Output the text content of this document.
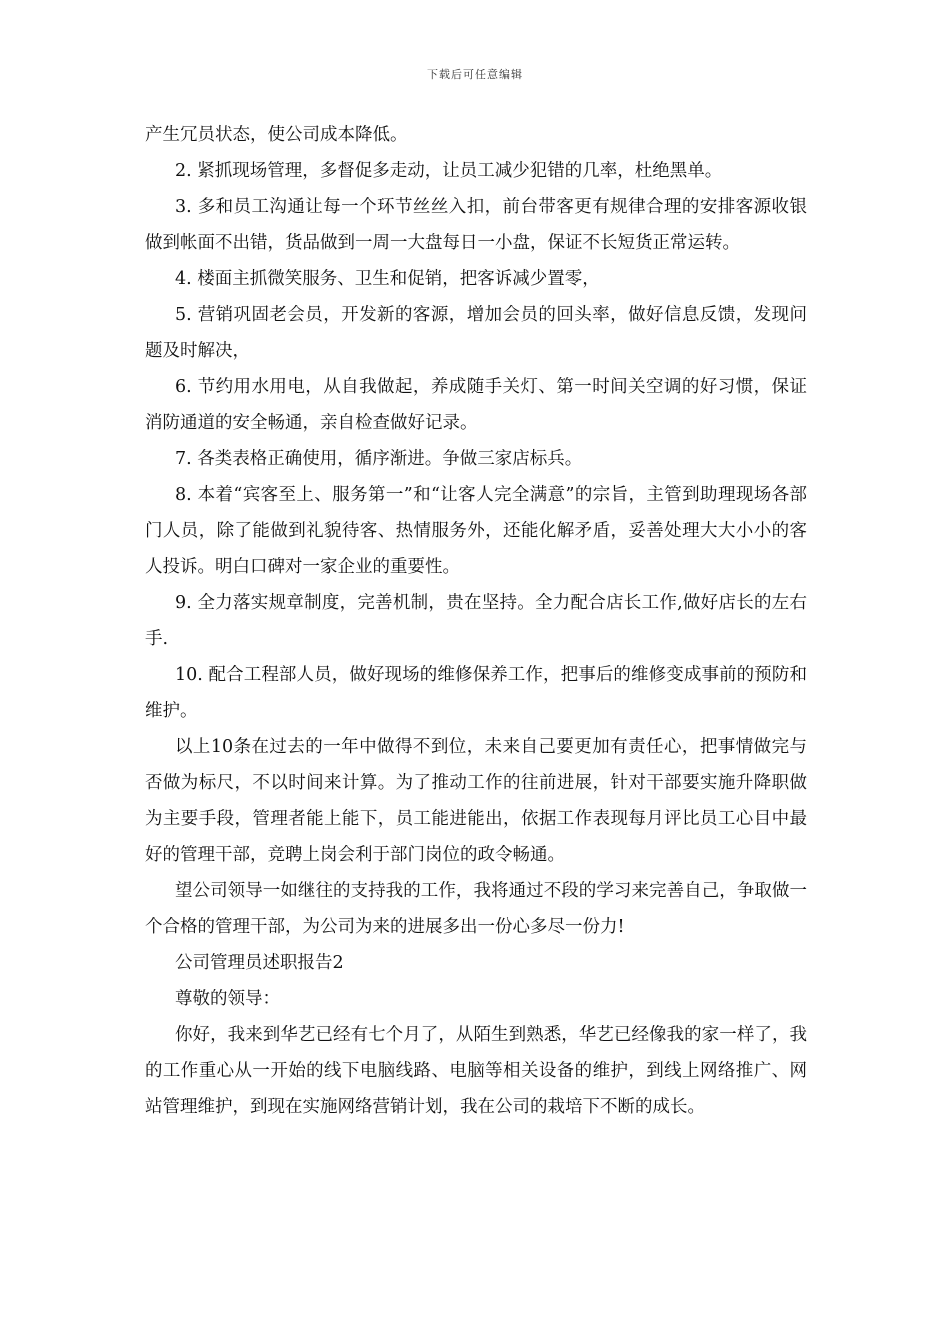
下载后可任意编辑

产生冗员状态，使公司成本降低。

2. 紧抓现场管理，多督促多走动，让员工减少犯错的几率，杜绝黑单。

3. 多和员工沟通让每一个环节丝丝入扣，前台带客更有规律合理的安排客源收银做到帐面不出错，货品做到一周一大盘每日一小盘，保证不长短货正常运转。

4. 楼面主抓微笑服务、卫生和促销，把客诉减少置零，

5. 营销巩固老会员，开发新的客源，增加会员的回头率，做好信息反馈，发现问题及时解决，

6. 节约用水用电，从自我做起，养成随手关灯、第一时间关空调的好习惯，保证消防通道的安全畅通，亲自检查做好记录。

7. 各类表格正确使用，循序渐进。争做三家店标兵。

8. 本着“宾客至上、服务第一”和“让客人完全满意”的宗旨，主管到助理现场各部门人员，除了能做到礼貌待客、热情服务外，还能化解矛盾，妥善处理大大小小的客人投诉。明白口碑对一家企业的重要性。

9. 全力落实规章制度，完善机制，贵在坚持。全力配合店长工作,做好店长的左右手.

10. 配合工程部人员，做好现场的维修保养工作，把事后的维修变成事前的预防和维护。

以上10条在过去的一年中做得不到位，未来自己要更加有责任心，把事情做完与否做为标尺，不以时间来计算。为了推动工作的往前进展，针对干部要实施升降职做为主要手段，管理者能上能下，员工能进能出，依据工作表现每月评比员工心目中最好的管理干部，竞聘上岗会利于部门岗位的政令畅通。

望公司领导一如继往的支持我的工作，我将通过不段的学习来完善自己，争取做一个合格的管理干部，为公司为来的进展多出一份心多尽一份力!

公司管理员述职报告2

尊敬的领导：

你好，我来到华艺已经有七个月了，从陌生到熟悉，华艺已经像我的家一样了，我的工作重心从一开始的线下电脑线路、电脑等相关设备的维护，到线上网络推广、网站管理维护，到现在实施网络营销计划，我在公司的栽培下不断的成长。
